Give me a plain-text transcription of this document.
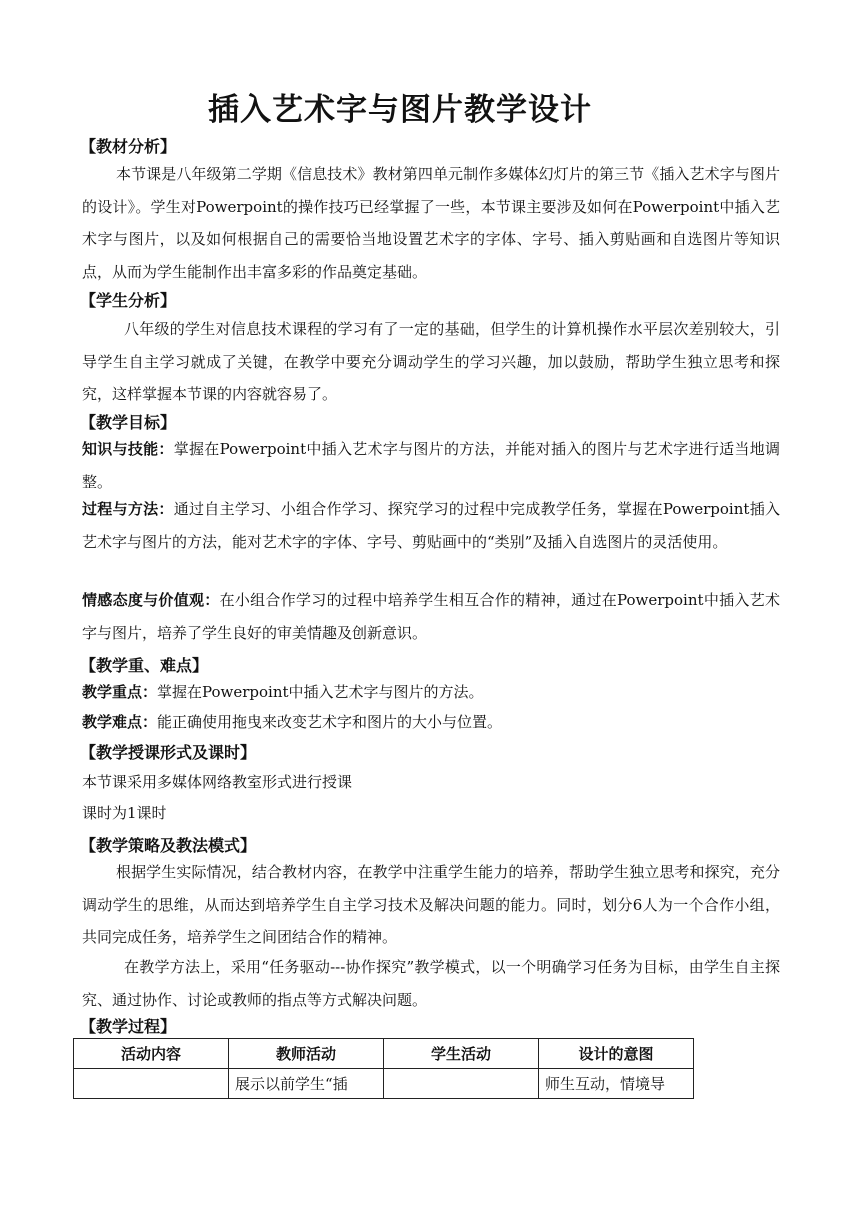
插入艺术字与图片教学设计
【教材分析】
本节课是八年级第二学期《信息技术》教材第四单元制作多媒体幻灯片的第三节《插入艺术字与图片的设计》。学生对Powerpoint的操作技巧已经掌握了一些，本节课主要涉及如何在Powerpoint中插入艺术字与图片，以及如何根据自己的需要恰当地设置艺术字的字体、字号、插入剪贴画和自选图片等知识点，从而为学生能制作出丰富多彩的作品奠定基础。
【学生分析】
八年级的学生对信息技术课程的学习有了一定的基础，但学生的计算机操作水平层次差别较大，引导学生自主学习就成了关键，在教学中要充分调动学生的学习兴趣，加以鼓励，帮助学生独立思考和探究，这样掌握本节课的内容就容易了。
【教学目标】
知识与技能：掌握在Powerpoint中插入艺术字与图片的方法，并能对插入的图片与艺术字进行适当地调整。
过程与方法：通过自主学习、小组合作学习、探究学习的过程中完成教学任务，掌握在Powerpoint插入艺术字与图片的方法，能对艺术字的字体、字号、剪贴画中的“类别”及插入自选图片的灵活使用。
情感态度与价值观：在小组合作学习的过程中培养学生相互合作的精神，通过在Powerpoint中插入艺术字与图片，培养了学生良好的审美情趣及创新意识。
【教学重、难点】
教学重点：掌握在Powerpoint中插入艺术字与图片的方法。
教学难点：能正确使用拖曳来改变艺术字和图片的大小与位置。
【教学授课形式及课时】
本节课采用多媒体网络教室形式进行授课
课时为1课时
【教学策略及教法模式】
根据学生实际情况，结合教材内容，在教学中注重学生能力的培养，帮助学生独立思考和探究，充分调动学生的思维，从而达到培养学生自主学习技术及解决问题的能力。同时，划分6人为一个合作小组，共同完成任务，培养学生之间团结合作的精神。
在教学方法上，采用“任务驱动---协作探究”教学模式，以一个明确学习任务为目标，由学生自主探究、通过协作、讨论或教师的指点等方式解决问题。
【教学过程】
活动内容	教师活动	学生活动	设计的意图
	展示以前学生“插		师生互动，情境导
